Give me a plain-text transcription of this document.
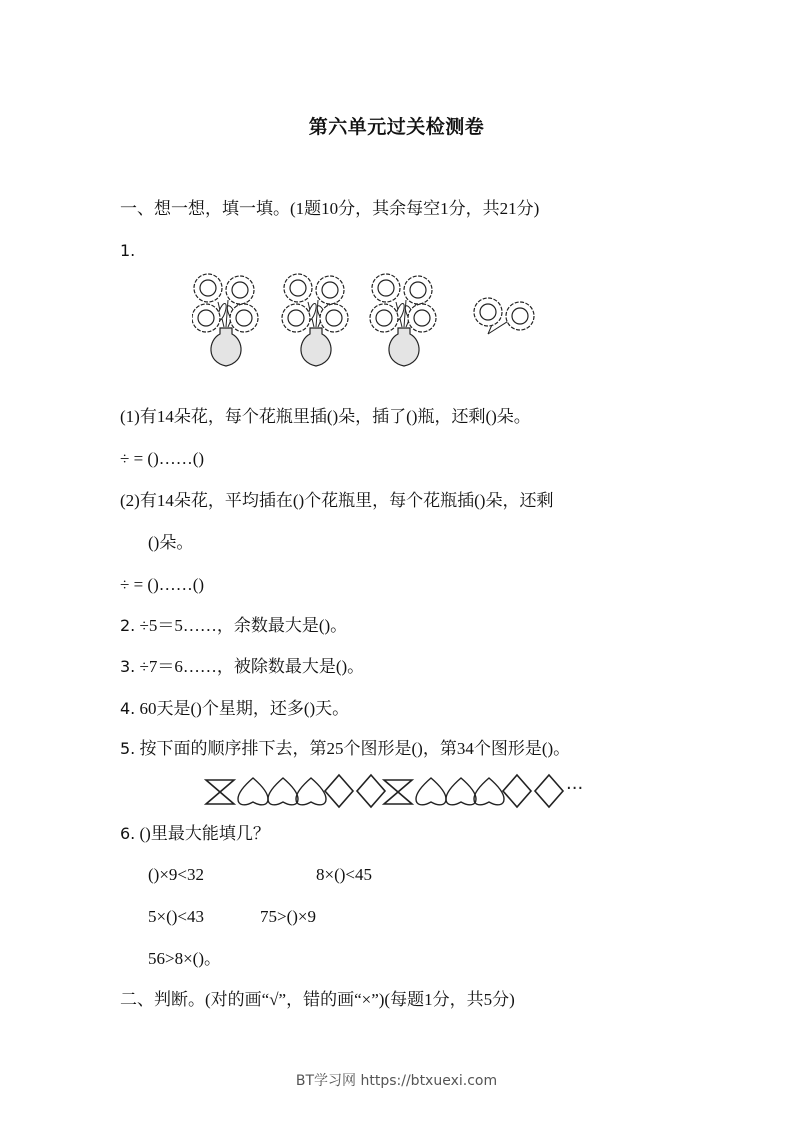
第六单元过关检测卷
一、想一想，填一填。(1题10分，其余每空1分，共21分)
1.
(1)有14朵花，每个花瓶里插()朵，插了()瓶，还剩()朵。
÷ = ()……()
(2)有14朵花，平均插在()个花瓶里，每个花瓶插()朵，还剩
()朵。
÷ = ()……()
2. ÷5＝5……，余数最大是()。
3. ÷7＝6……，被除数最大是()。
4. 60天是()个星期，还多()天。
5. 按下面的顺序排下去，第25个图形是()，第34个图形是()。
···
6. ()里最大能填几？
()×9<32	8×()<45
5×()<43	75>()×9
56>8×()。
二、判断。(对的画“√”，错的画“×”)(每题1分，共5分)
BT学习网 https://btxuexi.com
